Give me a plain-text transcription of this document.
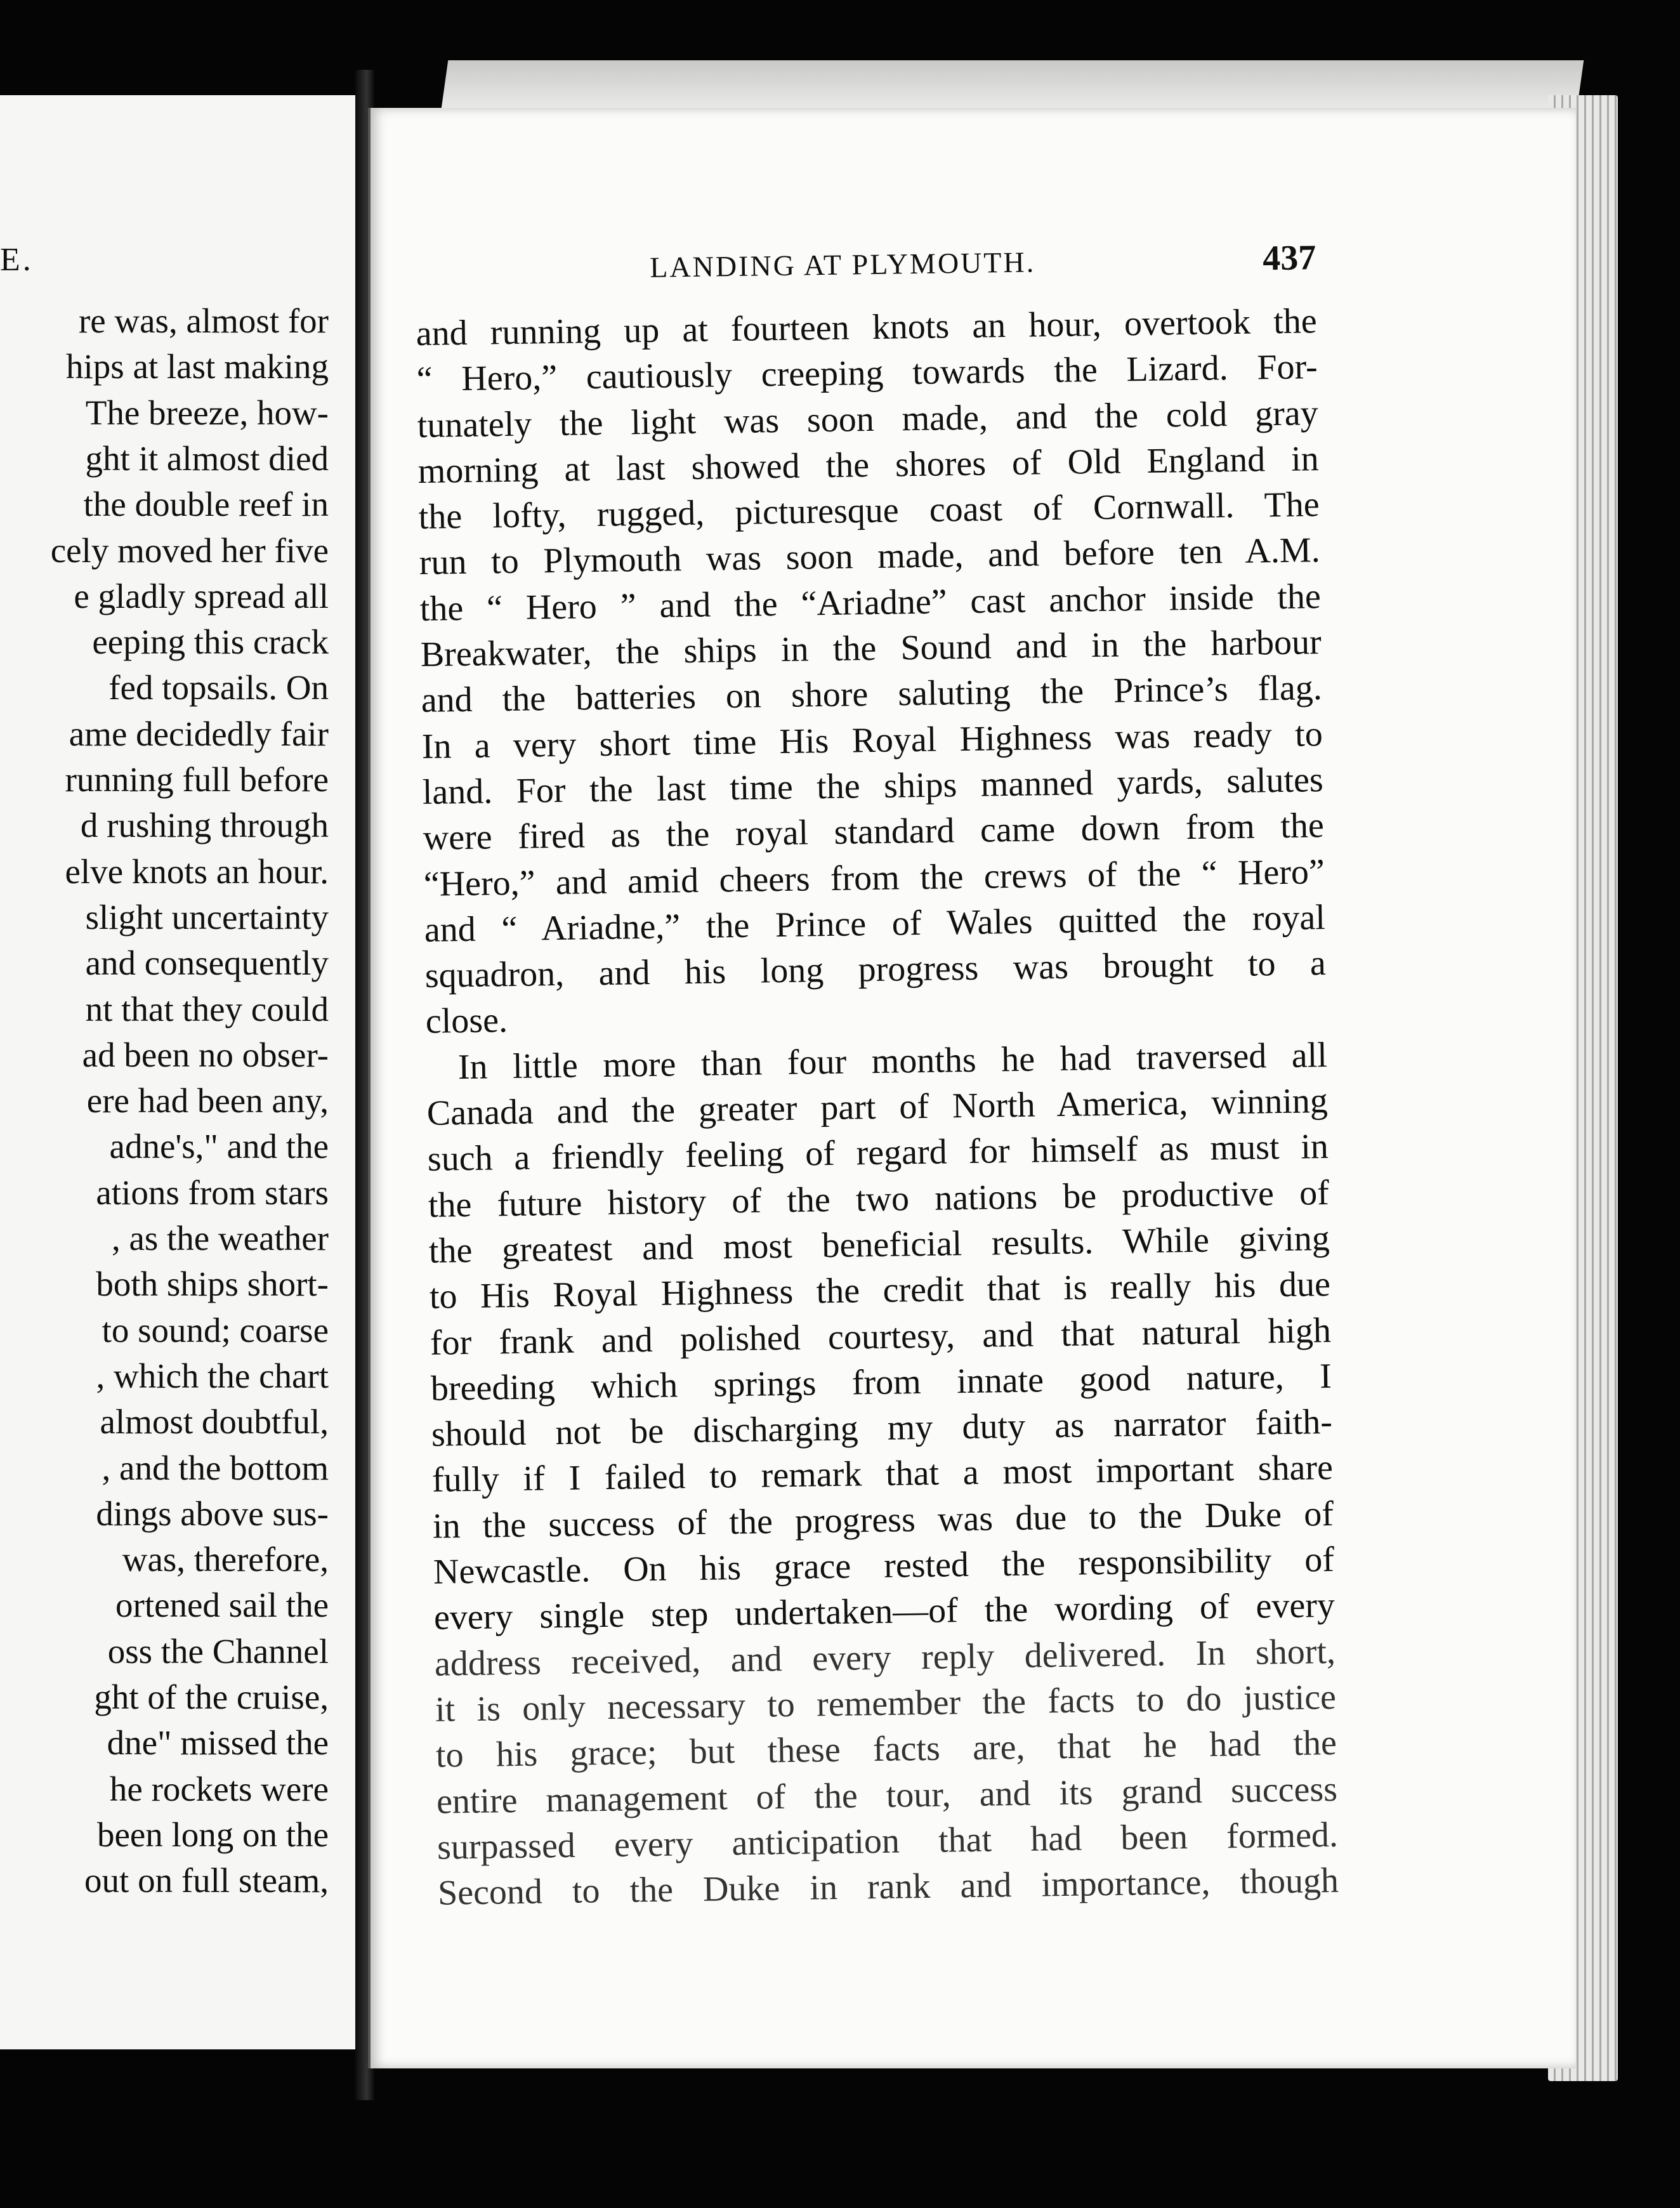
E.
re was, almost for
hips at last making
The breeze, how-
ght it almost died
the double reef in
cely moved her five
e gladly spread all
eeping this crack
fed topsails. On
ame decidedly fair
running full before
d rushing through
elve knots an hour.
slight uncertainty
and consequently
nt that they could
ad been no obser-
ere had been any,
adne's," and the
ations from stars
, as the weather
both ships short-
to sound; coarse
, which the chart
almost doubtful,
, and the bottom
dings above sus-
was, therefore,
ortened sail the
oss the Channel
ght of the cruise,
dne" missed the
he rockets were
been long on the
out on full steam,
LANDING AT PLYMOUTH.	437
and running up at fourteen knots an hour, overtook the
“ Hero,” cautiously creeping towards the Lizard. For-
tunately the light was soon made, and the cold gray
morning at last showed the shores of Old England in
the lofty, rugged, picturesque coast of Cornwall. The
run to Plymouth was soon made, and before ten A.M.
the “ Hero ” and the “Ariadne” cast anchor inside the
Breakwater, the ships in the Sound and in the harbour
and the batteries on shore saluting the Prince’s flag.
In a very short time His Royal Highness was ready to
land. For the last time the ships manned yards, salutes
were fired as the royal standard came down from the
“Hero,” and amid cheers from the crews of the “ Hero”
and “ Ariadne,” the Prince of Wales quitted the royal
squadron, and his long progress was brought to a
close.
In little more than four months he had traversed all
Canada and the greater part of North America, winning
such a friendly feeling of regard for himself as must in
the future history of the two nations be productive of
the greatest and most beneficial results. While giving
to His Royal Highness the credit that is really his due
for frank and polished courtesy, and that natural high
breeding which springs from innate good nature, I
should not be discharging my duty as narrator faith-
fully if I failed to remark that a most important share
in the success of the progress was due to the Duke of
Newcastle. On his grace rested the responsibility of
every single step undertaken—of the wording of every
address received, and every reply delivered. In short,
it is only necessary to remember the facts to do justice
to his grace; but these facts are, that he had the
entire management of the tour, and its grand success
surpassed every anticipation that had been formed.
Second to the Duke in rank and importance, though
